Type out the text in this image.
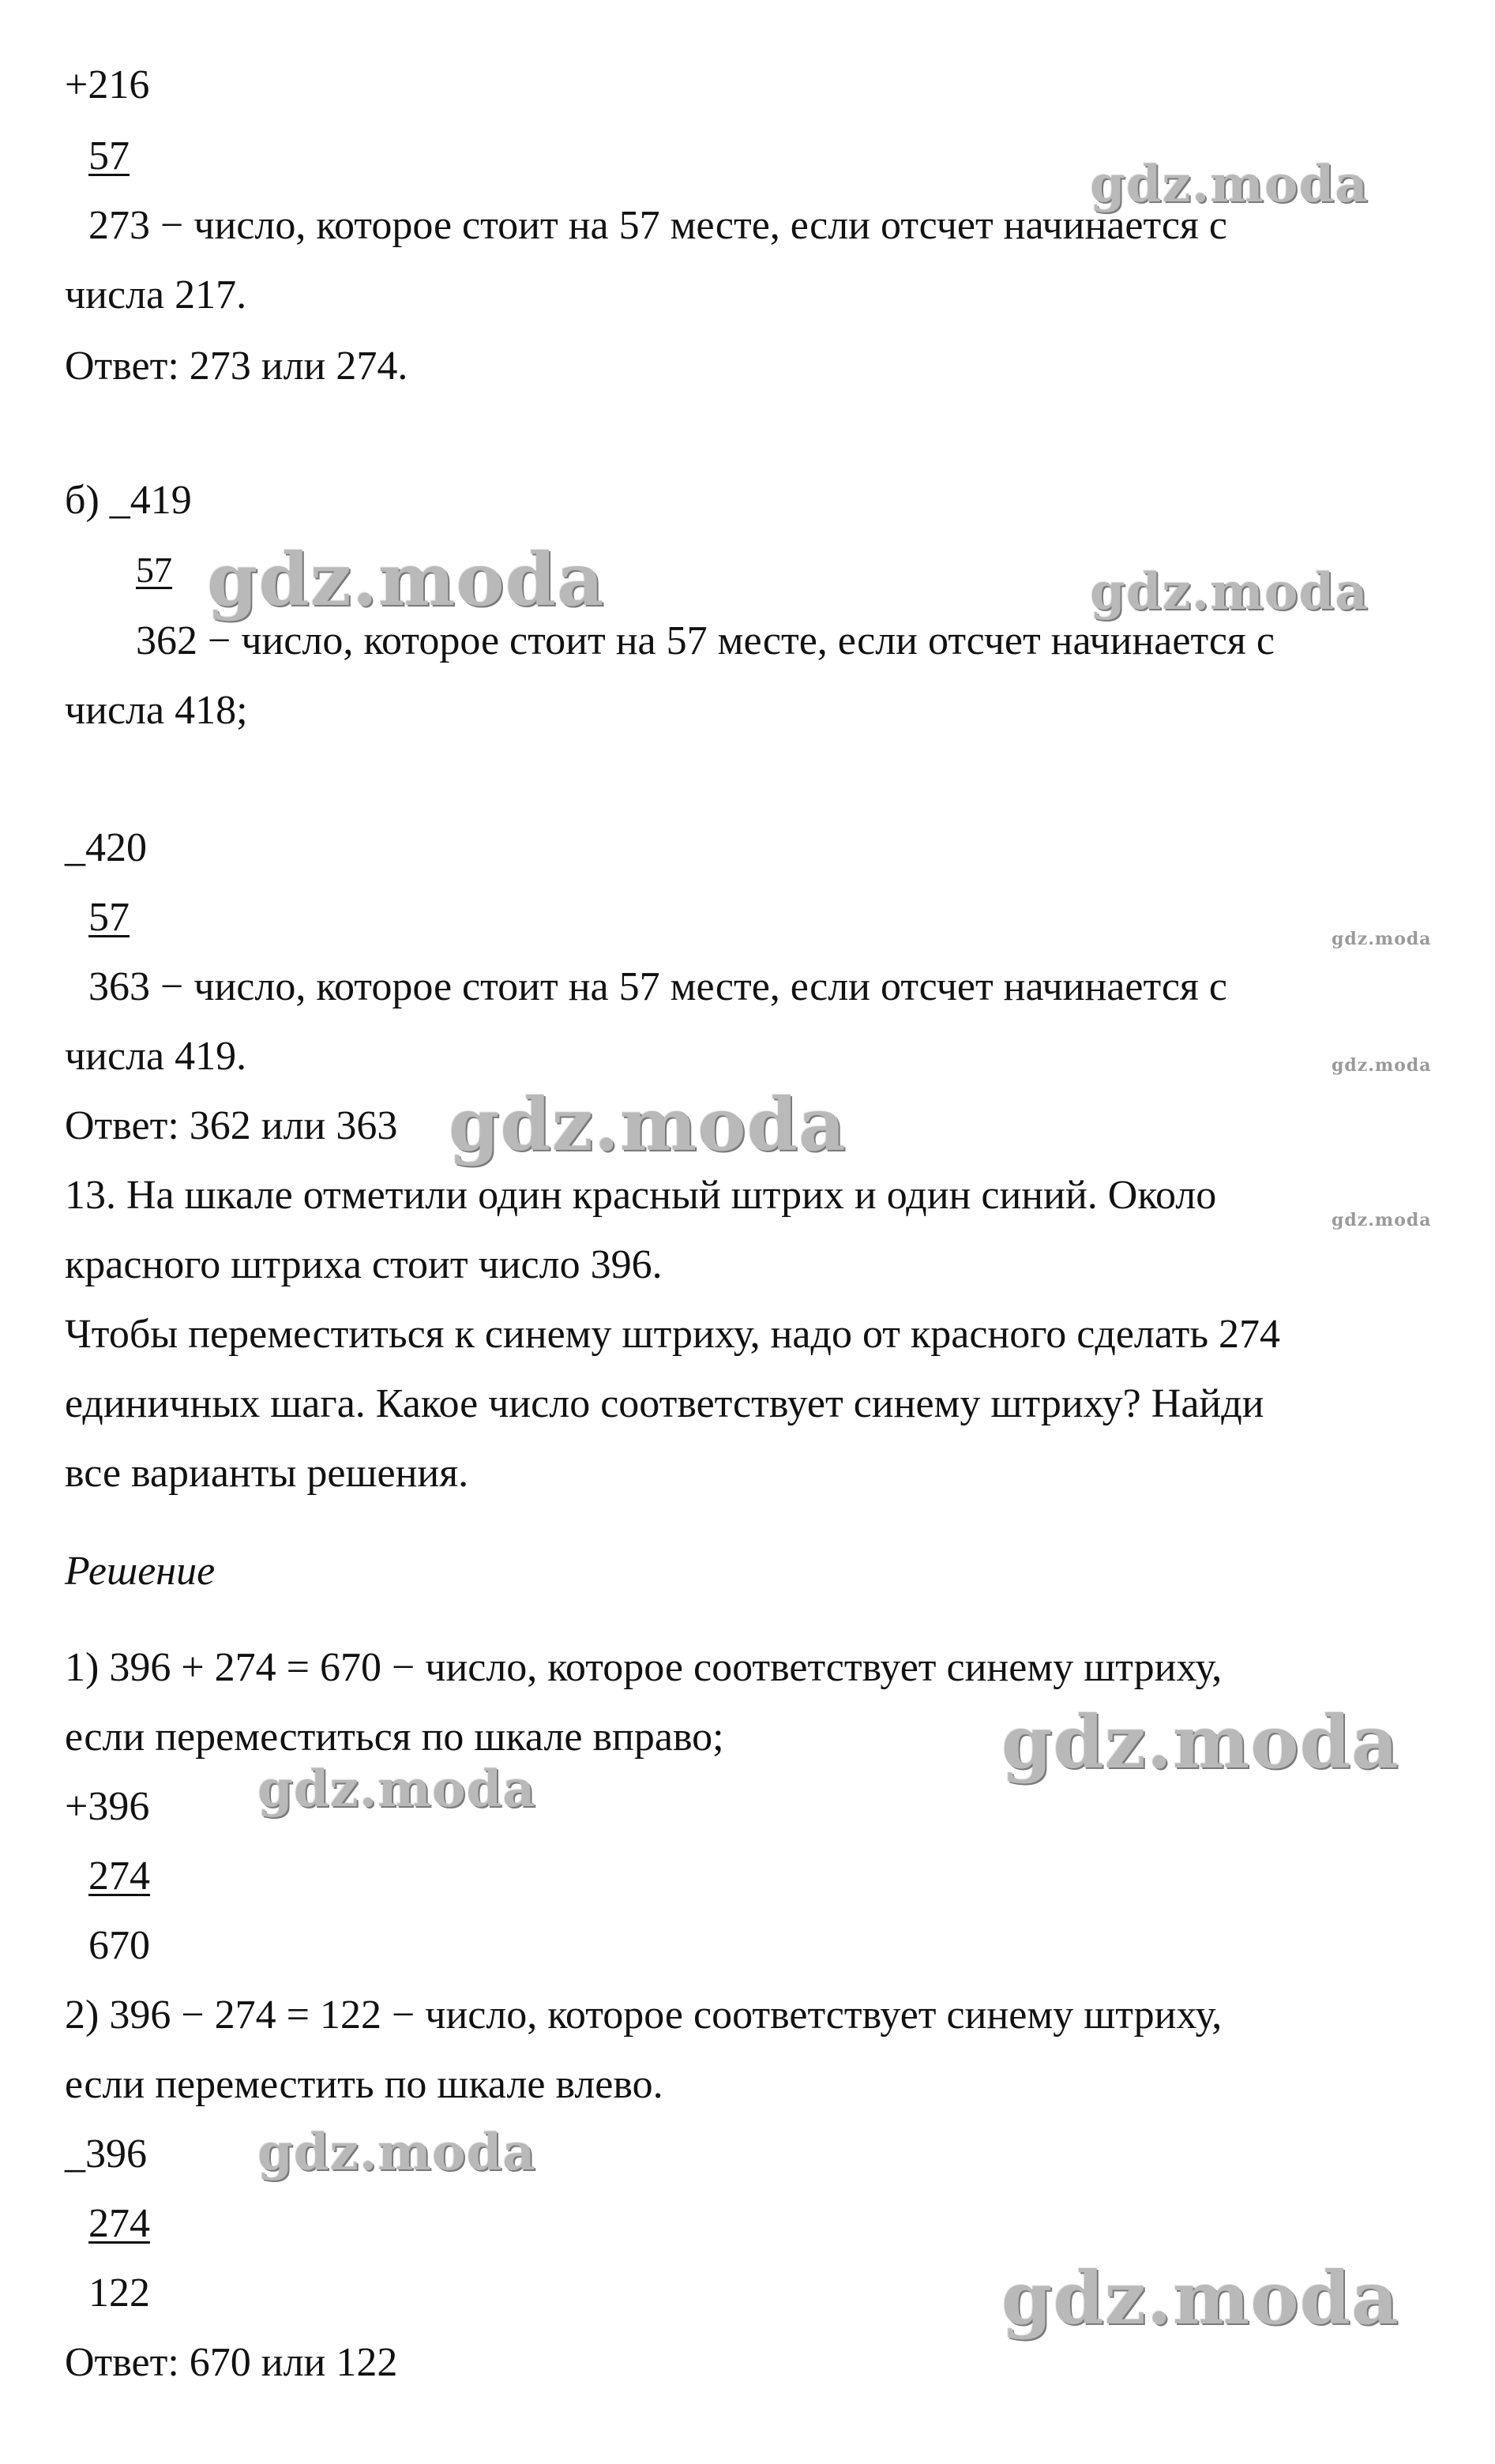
+216
57
273 − число, которое стоит на 57 месте, если отсчет начинается с
числа 217.
Ответ: 273 или 274.
б) _419
57
362 − число, которое стоит на 57 месте, если отсчет начинается с
числа 418;
_420
57
363 − число, которое стоит на 57 месте, если отсчет начинается с
числа 419.
Ответ: 362 или 363
13. На шкале отметили один красный штрих и один синий. Около
красного штриха стоит число 396.
Чтобы переместиться к синему штриху, надо от красного сделать 274
единичных шага. Какое число соответствует синему штриху? Найди
все варианты решения.
Решение
1) 396 + 274 = 670 − число, которое соответствует синему штриху,
если переместиться по шкале вправо;
+396
274
670
2) 396 − 274 = 122 − число, которое соответствует синему штриху,
если переместить по шкале влево.
_396
274
122
Ответ: 670 или 122
gdz.moda
gdz.moda	gdz.moda
gdz.moda
gdz.moda
gdz.moda
gdz.moda
gdz.moda
gdz.moda
gdz.moda
gdz.moda
